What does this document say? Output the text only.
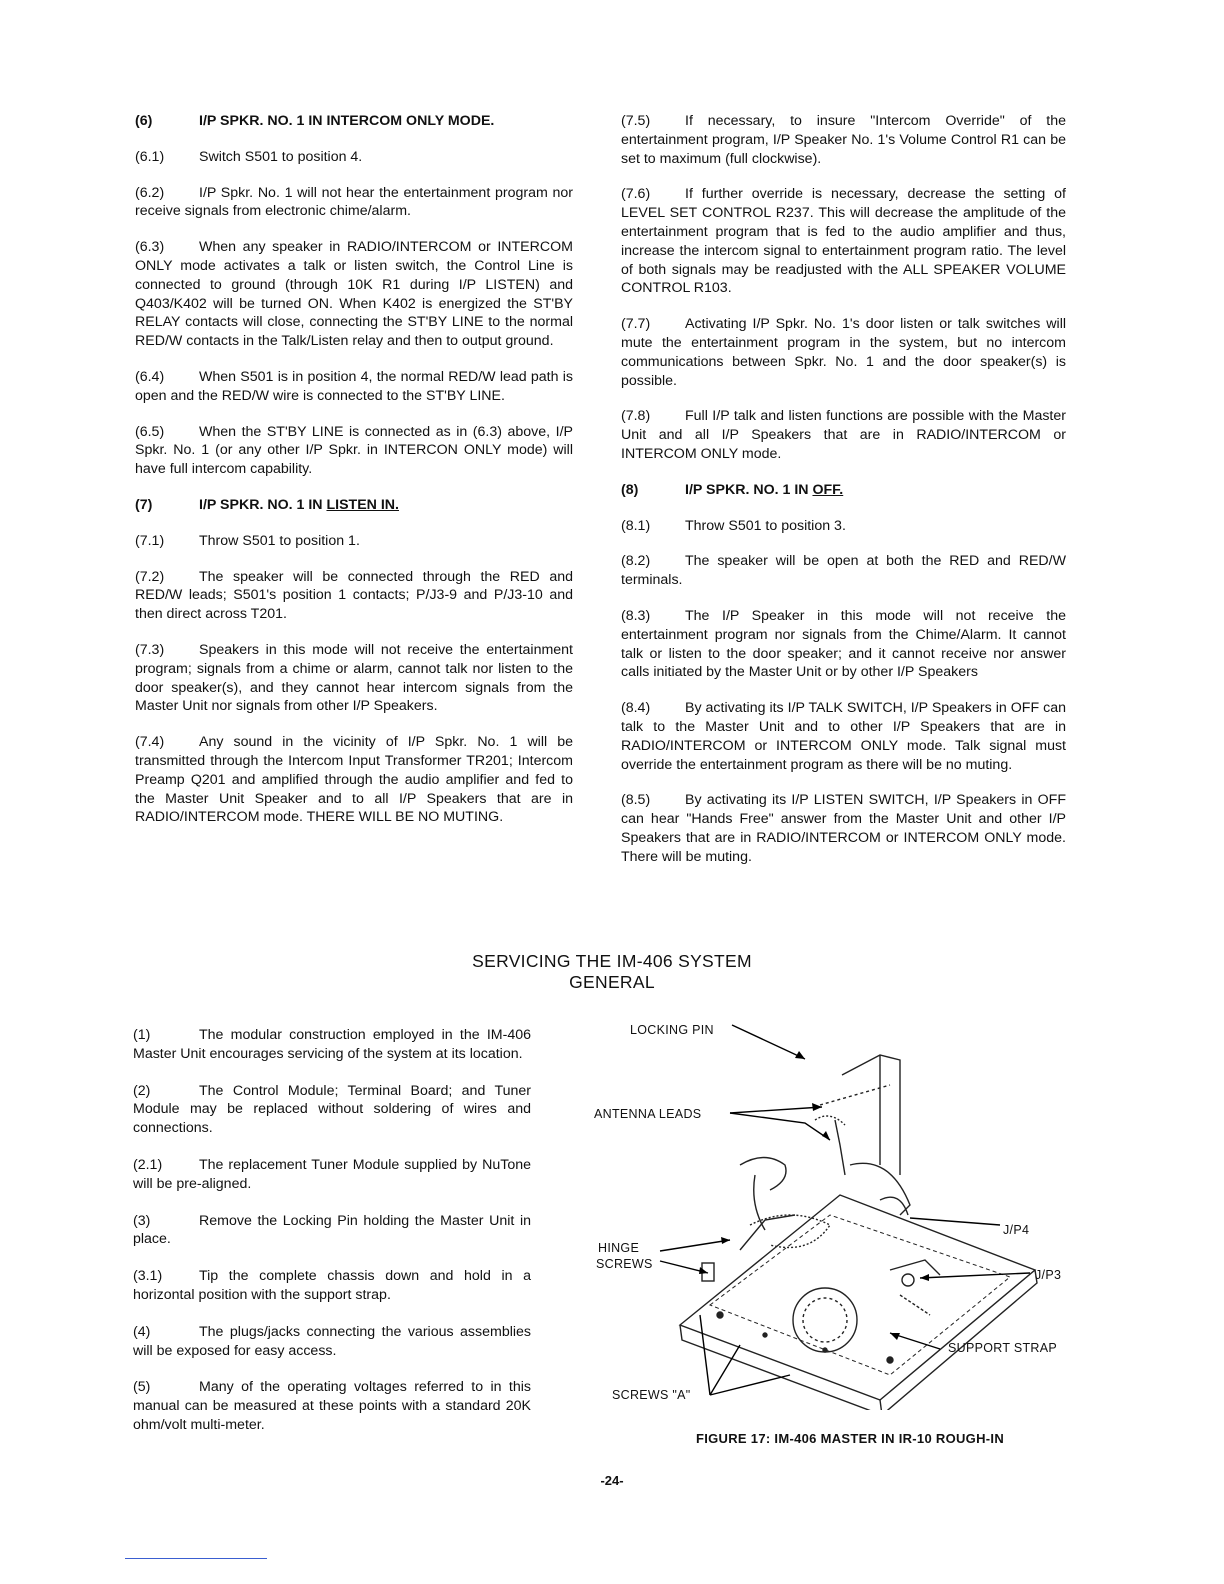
(6)	I/P SPKR. NO. 1 IN INTERCOM ONLY MODE.

(6.1) Switch S501 to position 4.

(6.2) I/P Spkr. No. 1 will not hear the entertainment program nor receive signals from electronic chime/alarm.

(6.3) When any speaker in RADIO/INTERCOM or INTERCOM ONLY mode activates a talk or listen switch, the Control Line is connected to ground (through 10K R1 during I/P LISTEN) and Q403/K402 will be turned ON. When K402 is energized the ST'BY RELAY contacts will close, connecting the ST'BY LINE to the normal RED/W contacts in the Talk/Listen relay and then to output ground.

(6.4) When S501 is in position 4, the normal RED/W lead path is open and the RED/W wire is connected to the ST'BY LINE.

(6.5) When the ST'BY LINE is connected as in (6.3) above, I/P Spkr. No. 1 (or any other I/P Spkr. in INTERCON ONLY mode) will have full intercom capability.

(7)	I/P SPKR. NO. 1 IN LISTEN IN.

(7.1) Throw S501 to position 1.

(7.2) The speaker will be connected through the RED and RED/W leads; S501's position 1 contacts; P/J3-9 and P/J3-10 and then direct across T201.

(7.3) Speakers in this mode will not receive the entertainment program; signals from a chime or alarm, cannot talk nor listen to the door speaker(s), and they cannot hear intercom signals from the Master Unit nor signals from other I/P Speakers.

(7.4) Any sound in the vicinity of I/P Spkr. No. 1 will be transmitted through the Intercom Input Transformer TR201; Intercom Preamp Q201 and amplified through the audio amplifier and fed to the Master Unit Speaker and to all I/P Speakers that are in RADIO/INTERCOM mode. THERE WILL BE NO MUTING.

(7.5) If necessary, to insure "Intercom Override" of the entertainment program, I/P Speaker No. 1's Volume Control R1 can be set to maximum (full clockwise).

(7.6) If further override is necessary, decrease the setting of LEVEL SET CONTROL R237. This will decrease the amplitude of the entertainment program that is fed to the audio amplifier and thus, increase the intercom signal to entertainment program ratio. The level of both signals may be readjusted with the ALL SPEAKER VOLUME CONTROL R103.

(7.7) Activating I/P Spkr. No. 1's door listen or talk switches will mute the entertainment program in the system, but no intercom communications between Spkr. No. 1 and the door speaker(s) is possible.

(7.8) Full I/P talk and listen functions are possible with the Master Unit and all I/P Speakers that are in RADIO/INTERCOM or INTERCOM ONLY mode.

(8)	I/P SPKR. NO. 1 IN OFF.

(8.1) Throw S501 to position 3.

(8.2) The speaker will be open at both the RED and RED/W terminals.

(8.3) The I/P Speaker in this mode will not receive the entertainment program nor signals from the Chime/Alarm. It cannot talk or listen to the door speaker; and it cannot receive nor answer calls initiated by the Master Unit or by other I/P Speakers

(8.4) By activating its I/P TALK SWITCH, I/P Speakers in OFF can talk to the Master Unit and to other I/P Speakers that are in RADIO/INTERCOM or INTERCOM ONLY mode. Talk signal must override the entertainment program as there will be no muting.

(8.5) By activating its I/P LISTEN SWITCH, I/P Speakers in OFF can hear "Hands Free" answer from the Master Unit and other I/P Speakers that are in RADIO/INTERCOM or INTERCOM ONLY mode. There will be muting.

SERVICING THE IM-406 SYSTEM
GENERAL

(1)	The modular construction employed in the IM-406 Master Unit encourages servicing of the system at its location.

(2)	The Control Module; Terminal Board; and Tuner Module may be replaced without soldering of wires and connections.

(2.1)	The replacement Tuner Module supplied by NuTone will be pre-aligned.

(3)	Remove the Locking Pin holding the Master Unit in place.

(3.1)	Tip the complete chassis down and hold in a horizontal position with the support strap.

(4)	The plugs/jacks connecting the various assemblies will be exposed for easy access.

(5)	Many of the operating voltages referred to in this manual can be measured at these points with a standard 20K ohm/volt multi-meter.

LOCKING PIN
ANTENNA LEADS
HINGE
SCREWS
J/P4
J/P3
SUPPORT STRAP
SCREWS "A"
FIGURE 17: IM-406 MASTER IN IR-10 ROUGH-IN
-24-
